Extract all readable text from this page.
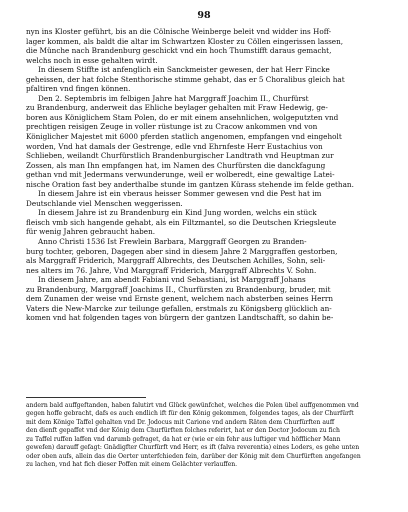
98
nyn ins Kloster geführt, bis an die Cölnische Weinberge beleit vnd widder ins Hoff-
lager kommen, als baldt die altar im Schwartzen Kloster zu Cöllen eingerissen lassen,
die Münche nach Brandenburg geschickt vnd ein hoch Thumstifft daraus gemacht,
welchs noch in esse gehalten wirdt.
In diesem Stiffte ist anfenglich ein Sanckmeister gewesen, der hat Herr Fincke
geheissen, der hat folche Stenthorische stimme gehabt, das er 5 Choralibus gleich hat
pfaltiren vnd fingen können.
Den 2. Septembris im felbigen Jahre hat Marggraff Joachim II., Churfürst
zu Brandenburg, anderweit das Ehliche beylager gehalten mit Fraw Hedewig, ge-
boren aus Königlichem Stam Polen, do er mit einem ansehnlichen, wolgeputzten vnd
prechtigen reisigen Zeuge in voller rüstunge ist zu Cracow ankommen vnd von
Königlicher Majestet mit 6000 pferden statlich angenomen, empfangen vnd eingeholt
worden, Vnd hat damals der Gestrenge, edle vnd Ehrnfeste Herr Eustachius von
Schlieben, weilandt Churfürstlich Brandenburgischer Landtrath vnd Heuptman zur
Zossen, als man Ihn empfangen hat, im Namen des Churfürsten die danckfagung
gethan vnd mit Jedermans verwunderunge, weil er wolberedt, eine gewaltige Latei-
nische Oration fast bey anderthalbe stunde im gantzen Kürass stehende im felde gethan.
In diesem Jahre ist ein vberaus heisser Sommer gewesen vnd die Pest hat im
Deutschlande viel Menschen weggerissen.
In diesem Jahre ist zu Brandenburg ein Kind Jung worden, welchs ein stück
fleisch vmb sich hangende gehabt, als ein Filtzmantel, so die Deutschen Kriegsleute
für wenig Jahren gebraucht haben.
Anno Christi 1536 Ist Frewlein Barbara, Marggraff Georgen zu Branden-
burg tochter, geboren, Dagegen aber sind in diesem Jahre 2 Marggraffen gestorben,
als Marggraff Friderich, Marggraff Albrechts, des Deutschen Achilles, Sohn, seli-
nes alters im 76. Jahre, Vnd Marggraff Friderich, Marggraff Albrechts V. Sohn.
In diesem Jahre, am abendt Fabiani vnd Sebastiani, ist Marggraff Johans
zu Brandenburg, Marggraff Joachims II., Churfürsten zu Brandenburg, bruder, mit
dem Zunamen der weise vnd Ernste genent, welchem nach absterben seines Herrn
Vaters die New-Marcke zur teilunge gefallen, erstmals zu Königsberg glücklich an-
komen vnd hat folgenden tages von bürgern der gantzen Landtschafft, so dahin be-
andern bald auffgeftanden, haben falutirt vnd Glück gewünfchet, welches die Polen übel auffgenommen vnd
gegen hoffe gebracht, dafs es auch endlich ift für den König gekommen, folgendes tages, als der Churfürft
mit dem Könige Taffel gehalten vnd Dr. Jodocus mit Carione vnd andern Räten dem Churfürften auff
den dienft gepaffet vnd der König dem Churfürften folches referirt, hat er den Doctor Jodocum zu fich
zu Taffel ruffen laffen vnd darumb gefraget, da hat er (wie er ein fehr aus luftiger vnd höfflicher Mann
gewefen) darauff gefagt: Gnädigfter Churfürft vnd Herr, es ift (falva reverentia) eines Loders, es gehe unten
oder oben aufs, allein das die Oerter unterfchieden fein, darüber der König mit dem Churfürften angefangen
zu lachen, vnd hat fich dieser Poffen mit einem Gelächter verlauffen.
